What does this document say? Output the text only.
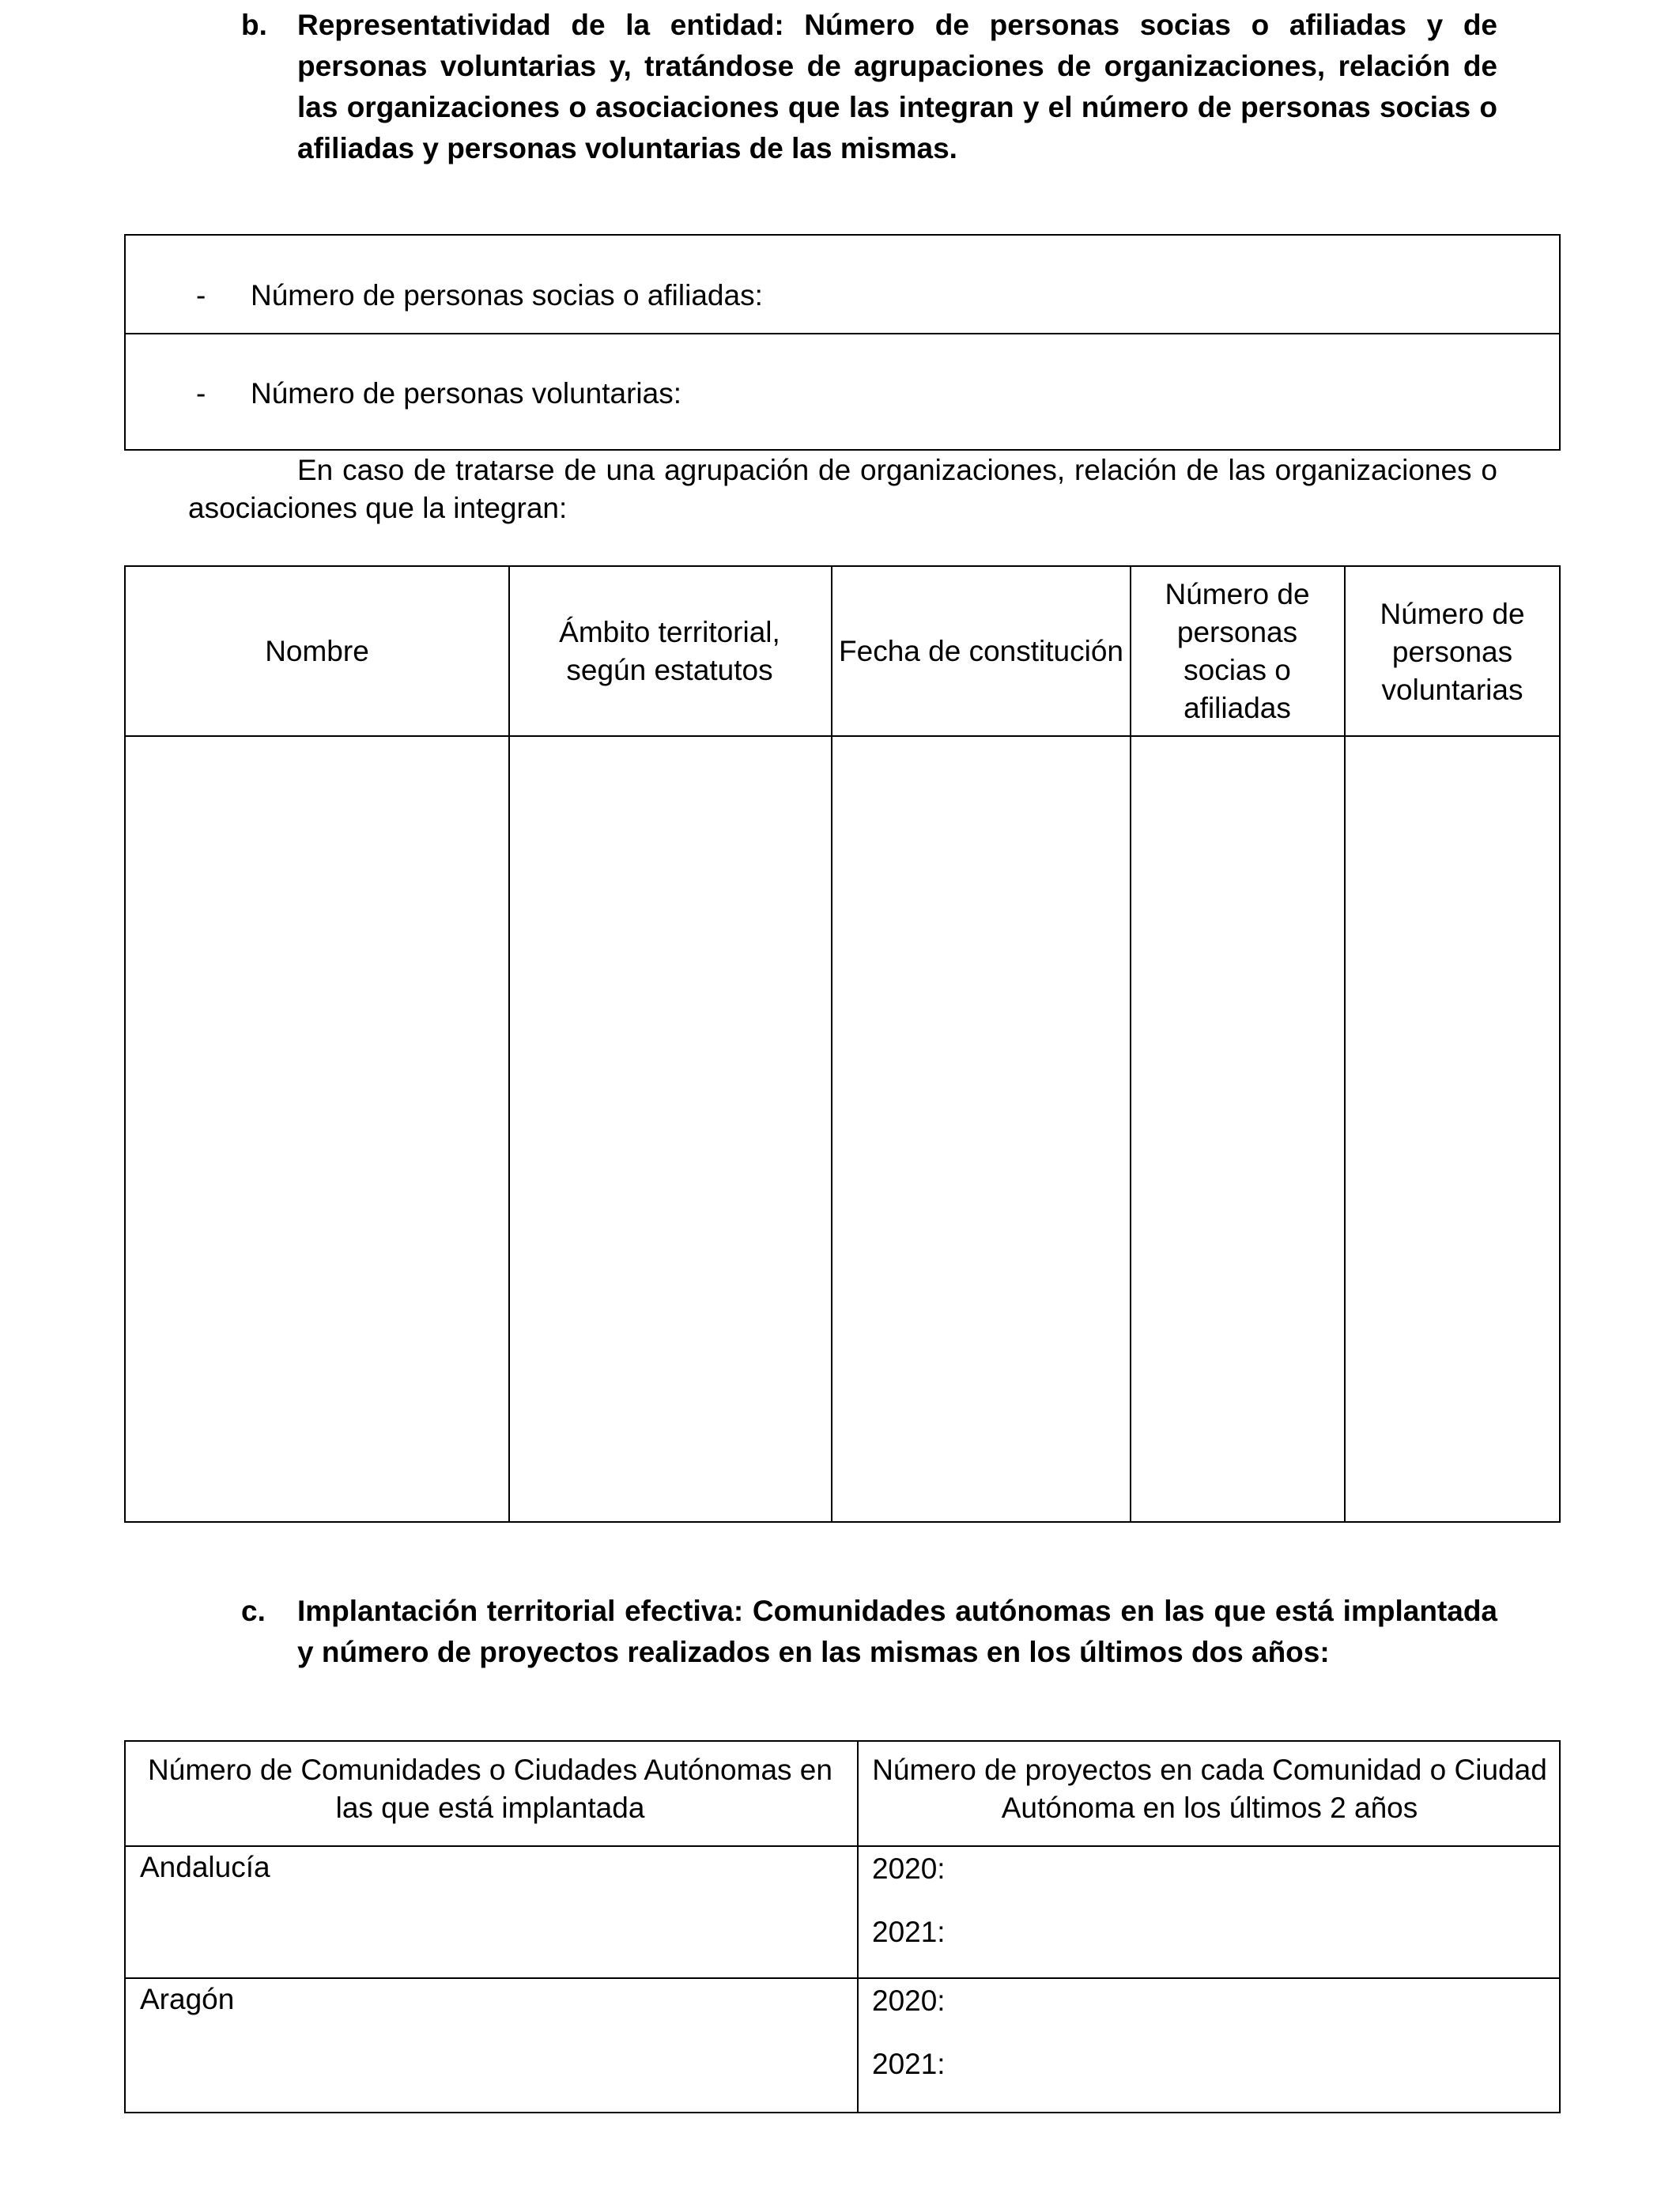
b. Representatividad de la entidad: Número de personas socias o afiliadas y de personas voluntarias y, tratándose de agrupaciones de organizaciones, relación de las organizaciones o asociaciones que las integran y el número de personas socias o afiliadas y personas voluntarias de las mismas.
- Número de personas socias o afiliadas:
- Número de personas voluntarias:
En caso de tratarse de una agrupación de organizaciones, relación de las organizaciones o asociaciones que la integran:
Nombre
Ámbito territorial, según estatutos
Fecha de constitución
Número de personas socias o afiliadas
Número de personas voluntarias
c. Implantación territorial efectiva: Comunidades autónomas en las que está implantada y número de proyectos realizados en las mismas en los últimos dos años:
Número de Comunidades o Ciudades Autónomas en las que está implantada
Número de proyectos en cada Comunidad o Ciudad Autónoma en los últimos 2 años
Andalucía	2020:
2021:
Aragón	2020:
2021:
